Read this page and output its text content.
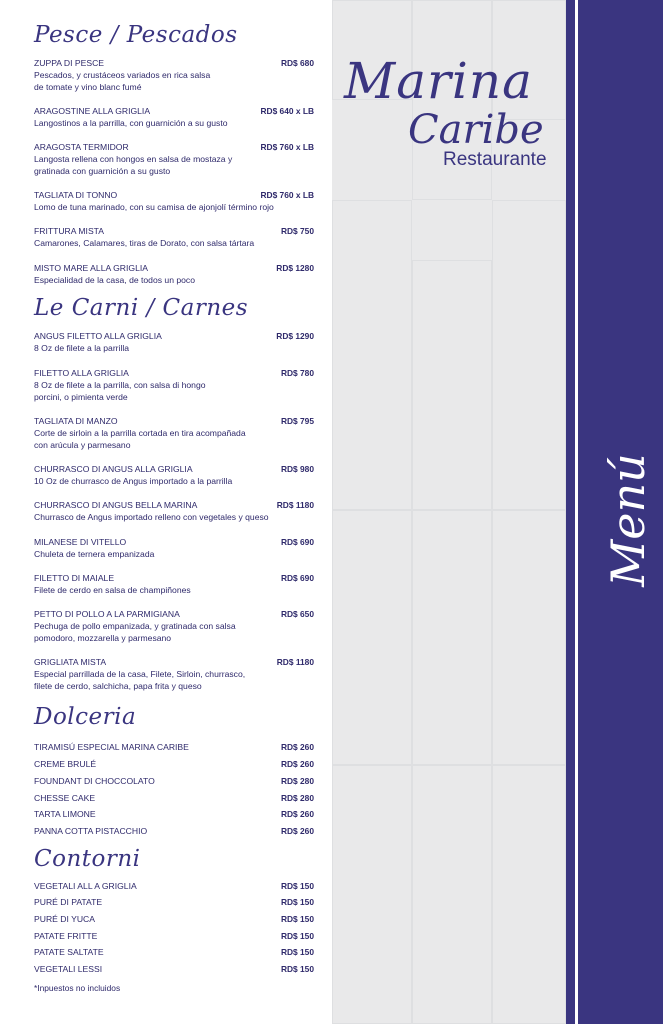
Pesce / Pescados
ZUPPA DI PESCE	RD$ 680
Pescados, y crustáceos variados en rica salsa
de tomate y vino blanc fumé
ARAGOSTINE ALLA GRIGLIA	RD$ 640 x LB
Langostinos a la parrilla, con guarnición a su gusto
ARAGOSTA TERMIDOR	RD$ 760 x LB
Langosta rellena con hongos en salsa de mostaza y
gratinada con guarnición a su gusto
TAGLIATA DI TONNO	RD$ 760 x LB
Lomo de tuna marinado, con su camisa de ajonjolí término rojo
FRITTURA MISTA	RD$ 750
Camarones, Calamares, tiras de Dorato, con salsa tártara
MISTO MARE ALLA GRIGLIA	RD$ 1280
Especialidad de la casa, de todos un poco
Le Carni / Carnes
ANGUS FILETTO ALLA GRIGLIA	RD$ 1290
8 Oz de filete a la parrilla
FILETTO ALLA GRIGLIA	RD$ 780
8 Oz de filete a la parrilla, con salsa di hongo
porcini, o pimienta verde
TAGLIATA DI MANZO	RD$ 795
Corte de sirloin a la parrilla cortada en tira acompañada
con arúcula y parmesano
CHURRASCO DI ANGUS ALLA GRIGLIA	RD$ 980
10 Oz de churrasco de Angus importado a la parrilla
CHURRASCO DI ANGUS BELLA MARINA	RD$ 1180
Churrasco de Angus importado relleno con vegetales y queso
MILANESE DI VITELLO	RD$ 690
Chuleta de ternera empanizada
FILETTO DI MAIALE	RD$ 690
Filete de cerdo en salsa de champiñones
PETTO DI POLLO A LA PARMIGIANA	RD$ 650
Pechuga de pollo empanizada, y gratinada con salsa
pomodoro, mozzarella y parmesano
GRIGLIATA MISTA	RD$ 1180
Especial parrillada de la casa, Filete, Sirloin, churrasco,
filete de cerdo, salchicha, papa frita y queso
Dolceria
TIRAMISÚ ESPECIAL MARINA CARIBE	RD$ 260
CREME BRULÉ	RD$ 260
FOUNDANT DI CHOCCOLATO	RD$ 280
CHESSE CAKE	RD$ 280
TARTA LIMONE	RD$ 260
PANNA COTTA PISTACCHIO	RD$ 260
Contorni
VEGETALI ALL A GRIGLIA	RD$ 150
PURÉ DI PATATE	RD$ 150
PURÉ DI YUCA	RD$ 150
PATATE FRITTE	RD$ 150
PATATE SALTATE	RD$ 150
VEGETALI LESSI	RD$ 150
*Inpuestos no incluidos
Marina
Caribe
Restaurante
Menú
